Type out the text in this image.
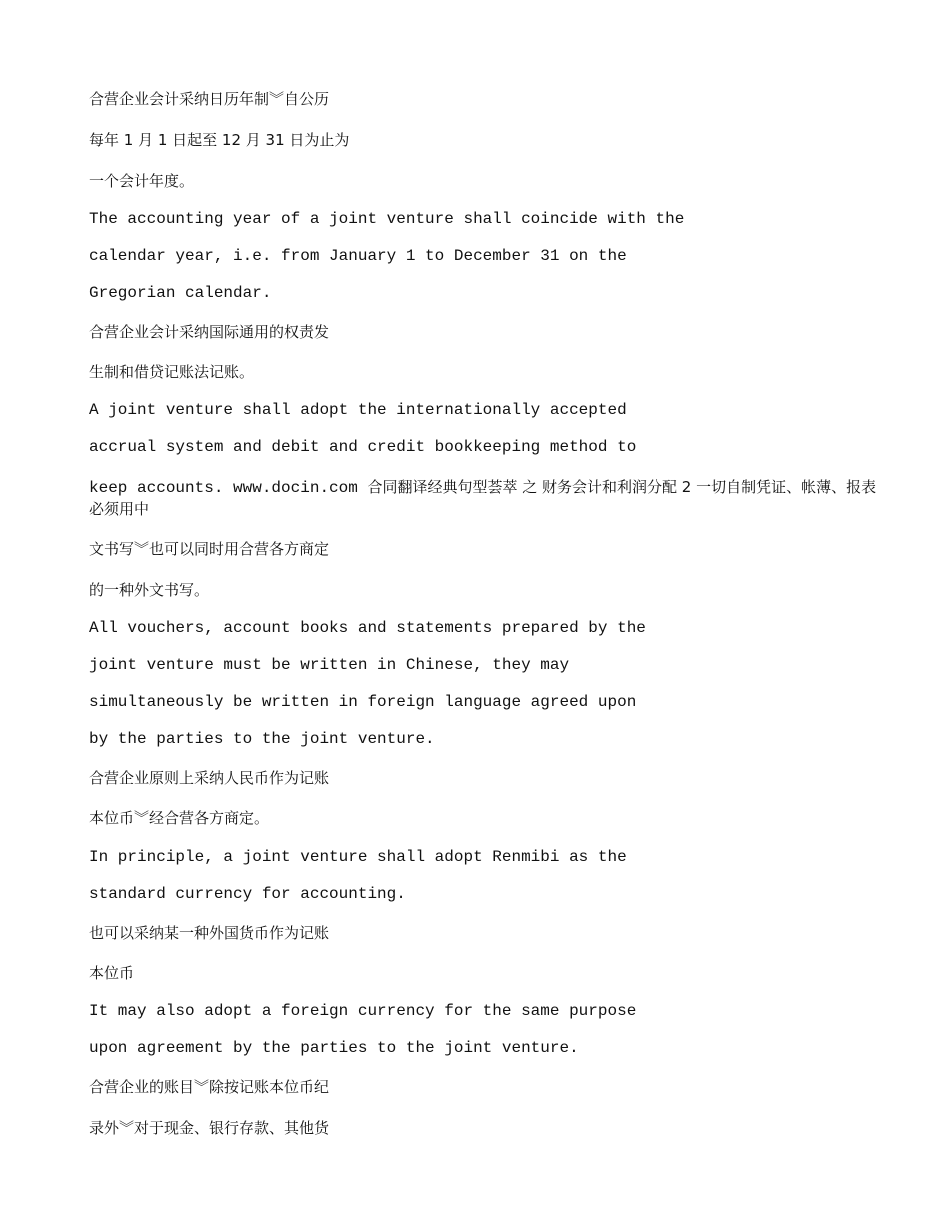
合营企业会计采纳日历年制︾自公历
每年 1 月 1 日起至 12 月 31 日为止为
一个会计年度。
The accounting year of a joint venture shall coincide with the
calendar year, i.e. from January 1 to December 31 on the
Gregorian calendar.
合营企业会计采纳国际通用的权责发
生制和借贷记账法记账。
A joint venture shall adopt the internationally accepted
accrual system and debit and credit bookkeeping method to
keep accounts. www.docin.com 合同翻译经典句型荟萃 之 财务会计和利润分配 2 一切自制凭证、帐薄、报表必须用中
文书写︾也可以同时用合营各方商定
的一种外文书写。
All vouchers, account books and statements prepared by the
joint venture must be written in Chinese, they may
simultaneously be written in foreign language agreed upon
by the parties to the joint venture.
合营企业原则上采纳人民币作为记账
本位币︾经合营各方商定。
In principle, a joint venture shall adopt Renmibi as the
standard currency for accounting.
也可以采纳某一种外国货币作为记账
本位币
It may also adopt a foreign currency for the same purpose
upon agreement by the parties to the joint venture.
合营企业的账目︾除按记账本位币纪
录外︾对于现金、银行存款、其他货
